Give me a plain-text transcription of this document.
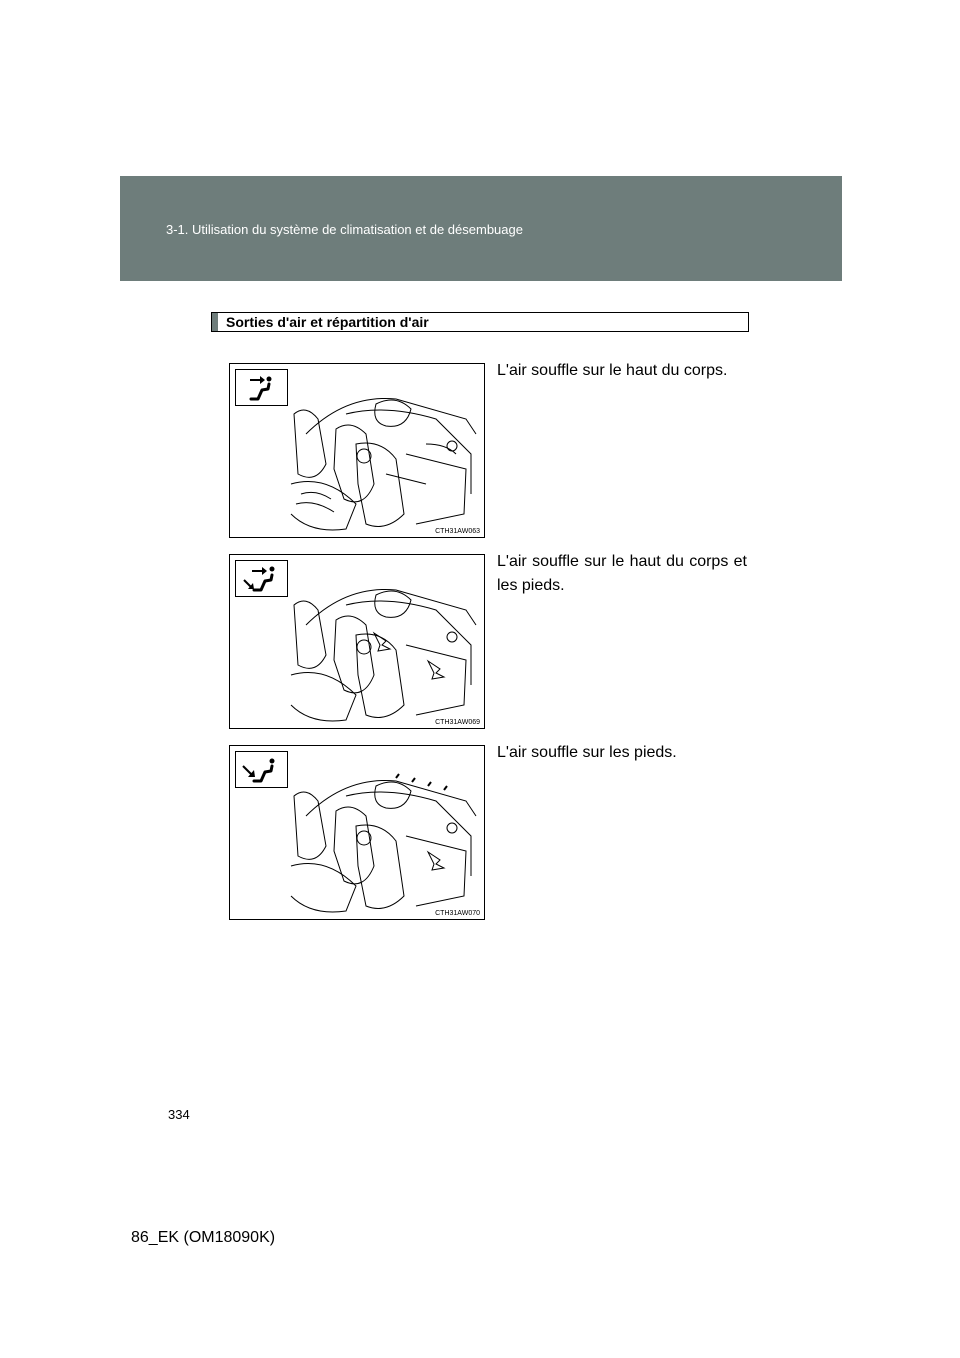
3-1. Utilisation du système de climatisation et de désembuage
Sorties d'air et répartition d'air
CTH31AW063
L'air souffle sur le haut du corps.
CTH31AW069
L'air souffle sur le haut du corps et les pieds.
CTH31AW070
L'air souffle sur les pieds.
334
86_EK (OM18090K)
